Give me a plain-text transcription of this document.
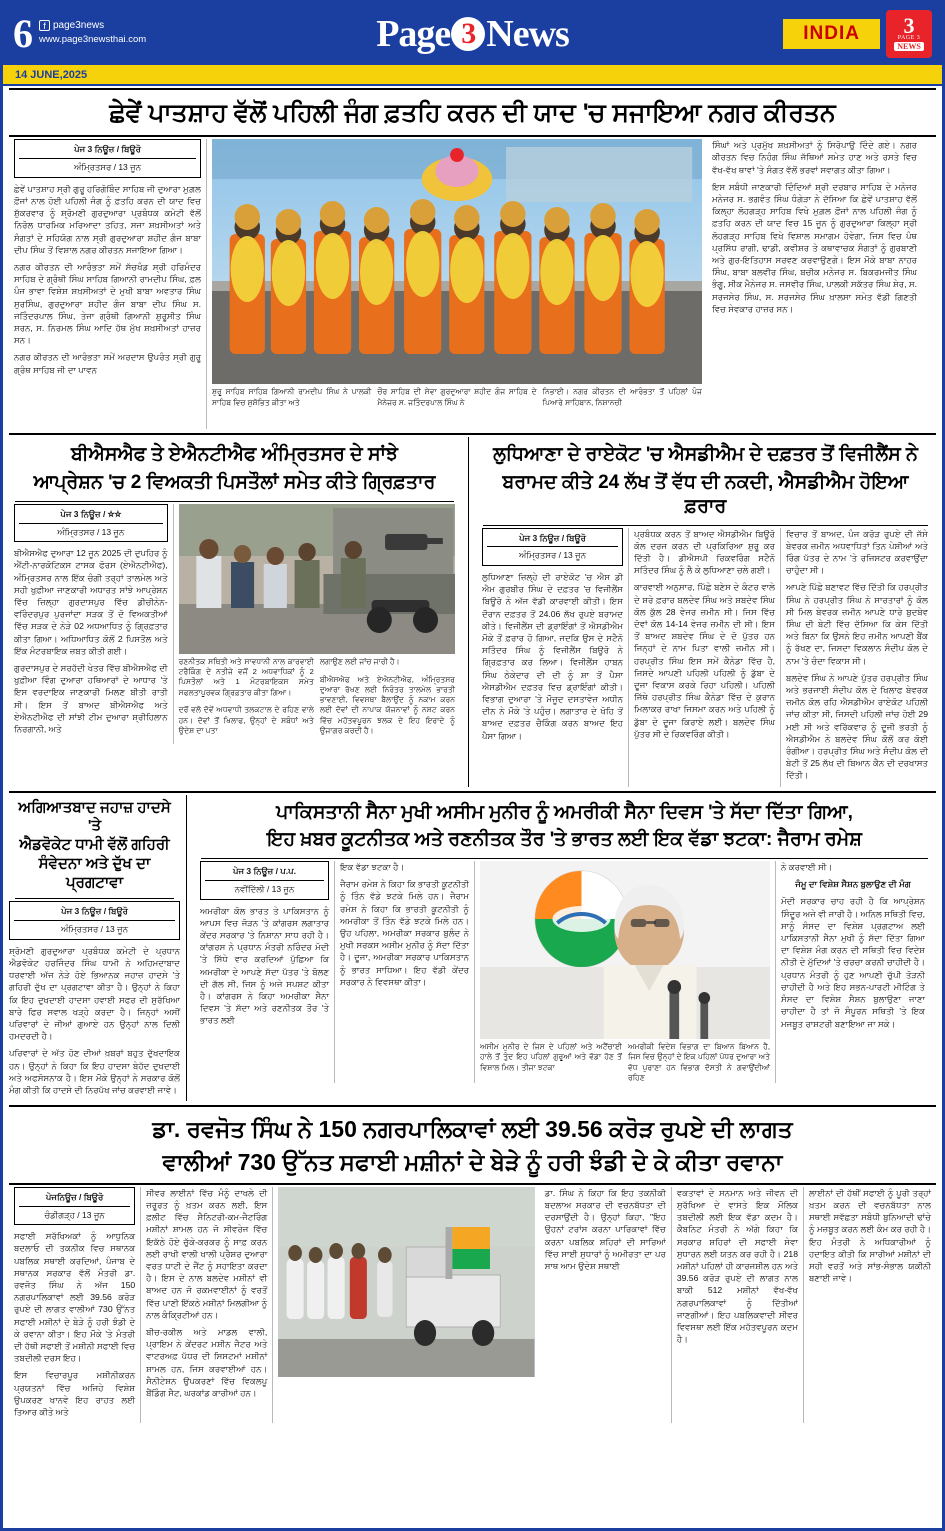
6	f page3news
www.page3newsthai.com	Page 3 News	INDIA	3
PAGE 3
NEWS
14 JUNE,2025
ਛੇਵੇਂ ਪਾਤਸ਼ਾਹ ਵੱਲੋਂ ਪਹਿਲੀ ਜੰਗ ਫ਼ਤਹਿ ਕਰਨ ਦੀ ਯਾਦ 'ਚ ਸਜਾਇਆ ਨਗਰ ਕੀਰਤਨ
ਪੇਜ 3 ਨਿਊਜ਼ / ਬਿਊਰੋ
ਅੰਮ੍ਰਿਤਸਰ / 13 ਜੂਨ

ਛੇਵੇਂ ਪਾਤਸ਼ਾਹ ਸ੍ਰੀ ਗੁਰੂ ਹਰਿਗੋਬਿੰਦ ਸਾਹਿਬ ਜੀ ਦੁਆਰਾ ਮੁਗ਼ਲ ਫ਼ੌਜਾਂ ਨਾਲ ਹੋਈ ਪਹਿਲੀ ਜੰਗ ਨੂੰ ਫ਼ਤਹਿ ਕਰਨ ਦੀ ਯਾਦ ਵਿਚ ਸ਼ੁੱਕਰਵਾਰ ਨੂੰ ਸ਼੍ਰੋਮਣੀ ਗੁਰਦੁਆਰਾ ਪ੍ਰਬੰਧਕ ਕਮੇਟੀ ਵੱਲੋਂ ਨਿਰੋਲ ਧਾਰਮਿਕ ਮਰਿਆਦਾ ਤਹਿਤ, ਸਜਾ ਸ਼ਖ਼ਸੀਅਤਾਂ ਅਤੇ ਸੰਗਤਾਂ ਦੇ ਸਹਿਯੋਗ ਨਾਲ ਸ੍ਰੀ ਗੁਰਦੁਆਰਾ ਸ਼ਹੀਦ ਗੰਜ ਬਾਬਾ ਦੀਪ ਸਿੰਘ ਤੋਂ ਵਿਸ਼ਾਲ ਨਗਰ ਕੀਰਤਨ ਸਜਾਇਆ ਗਿਆ।

ਨਗਰ ਕੀਰਤਨ ਦੀ ਆਰੰਭਤਾ ਸਮੇਂ ਸੱਚਖੰਡ ਸ੍ਰੀ ਹਰਿਮੰਦਰ ਸਾਹਿਬ ਦੇ ਗ੍ਰੰਥੀ ਸਿੰਘ ਸਾਹਿਬ ਗਿਆਨੀ ਰਾਮਦੀਪ ਸਿੰਘ, ਫ਼ਲ ਪੰਜ ਭਾਵਾ ਵਿਸ਼ੇਸ਼ ਸ਼ਖ਼ਸੀਅਤਾਂ ਦੇ ਮੁਖੀ ਬਾਬਾ ਅਵਤਾਰ ਸਿੰਘ ਸੁਰਸਿੰਘ, ਗੁਰਦੁਆਰਾ ਸ਼ਹੀਦ ਗੰਜ ਬਾਬਾ ਦੀਪ ਸਿੰਘ ਸ. ਜਤਿੰਦਰਪਾਲ ਸਿੰਘ, ਤੇਜਾ ਗ੍ਰੰਥੀ ਗਿਆਨੀ ਸ਼ੁਰੂਸੀਤ ਸਿੰਘ ਸ਼ਰਨ, ਸ. ਨਿਰਮਲ ਸਿੰਘ ਆਦਿ ਹੱਥ ਮੁੱਖ ਸ਼ਖ਼ਸੀਅਤਾਂ ਹਾਜ਼ਰ ਸਨ।

ਨਗਰ ਕੀਰਤਨ ਦੀ ਆਰੰਭਤਾ ਸਮੇਂ ਅਰਦਾਸ ਉਪਰੰਤ ਸ੍ਰੀ ਗੁਰੂ ਗ੍ਰੰਥ ਸਾਹਿਬ ਜੀ ਦਾ ਪਾਵਨ

ਸ਼ੁਰੂ ਸਾਹਿਬ ਸਾਹਿਬ ਗਿਆਨੀ ਰਾਮਦੀਪ ਸਿੰਘ ਨੇ ਪਾਲਕੀ ਸਾਹਿਬ ਵਿਚ ਸ਼ੁਸ਼ੋਭਿਤ ਕੀਤਾ ਅਤੇ
ਚੌਰ ਸਾਹਿਬ ਦੀ ਸੇਵਾ ਗੁਰਦੁਆਰਾ ਸ਼ਹੀਦ ਗੰਜ ਸਾਹਿਬ ਦੇ ਮੈਨੇਜਰ ਸ. ਜਤਿੰਦਰਪਾਲ ਸਿੰਘ ਨੇ
ਨਿਭਾਈ। ਨਗਰ ਕੀਰਤਨ ਦੀ ਆਰੰਭਤਾ ਤੋਂ ਪਹਿਲਾਂ ਪੰਜ ਪਿਆਰੇ ਸਾਹਿਬਾਨ, ਨਿਸ਼ਾਨਚੀ

ਸਿੰਘਾਂ ਅਤੇ ਪ੍ਰਮੁੱਖ ਸ਼ਖ਼ਸੀਅਤਾਂ ਨੂੰ ਸਿਰੋਪਾਉ ਦਿੰਦੇ ਗਏ। ਨਗਰ ਕੀਰਤਨ ਵਿਚ ਨਿਹੰਗ ਸਿੰਘ ਜੱਥਿਆਂ ਸਮੇਤ ਹਾਣ ਅਤੇ ਰਸਤੇ ਵਿਚ ਵੱਖ-ਵੱਖ ਥਾਵਾਂ 'ਤੇ ਸੰਗਤ ਵੱਲੋਂ ਭਰਵਾਂ ਸਵਾਗਤ ਕੀਤਾ ਗਿਆ।

ਇਸ ਸਬੰਧੀ ਜਾਣਕਾਰੀ ਦਿੰਦਿਆਂ ਸ਼੍ਰੀ ਦਰਬਾਰ ਸਾਹਿਬ ਦੇ ਮਨੇਜਰ ਮਨੇਜਰ ਸ. ਭਗਵੰਤ ਸਿੰਘ ਧੰਗੇੜਾ ਨੇ ਦੱਸਿਆ ਕਿ ਛੇਵੇਂ ਪਾਤਸ਼ਾਹ ਵੱਲੋਂ ਕਿਲ੍ਹਾ ਲੋਹਗੜ੍ਹ ਸਾਹਿਬ ਵਿਖੇ ਮੁਗ਼ਲ ਫ਼ੌਜਾਂ ਨਾਲ ਪਹਿਲੀ ਜੰਗ ਨੂੰ ਫ਼ਤਹਿ ਕਰਨ ਦੀ ਯਾਦ ਵਿਚ 15 ਜੂਨ ਨੂੰ ਗੁਰਦੁਆਰਾ ਕਿਲ੍ਹਾ ਸ੍ਰੀ ਲੋਹਗੜ੍ਹ ਸਾਹਿਬ ਵਿਖੇ ਵਿਸ਼ਾਲ ਸਮਾਗਮ ਹੋਵੇਗਾ, ਜਿਸ ਵਿਚ ਪੰਥ ਪ੍ਰਸਿੱਧ ਰਾਗੀ, ਢਾਡੀ, ਕਵੀਸ਼ਰ ਤੇ ਕਥਾਵਾਚਕ ਸੰਗਤਾਂ ਨੂੰ ਗੁਰਬਾਣੀ ਅਤੇ ਗੁਰ-ਇਤਿਹਾਸ ਸਰਵਣ ਕਰਵਾਉਣਗੇ। ਇਸ ਮੌਕੇ ਬਾਬਾ ਨਾਹਰ ਸਿੰਘ, ਬਾਬਾ ਬਲਵੀਰ ਸਿੰਘ, ਬਚੀਕ ਮਨੇਜਰ ਸ. ਬਿਕਰਮਜੀਤ ਸਿੰਘ ਭੰਗੂ, ਸੀਕ ਮੈਨੇਜਰ ਸ. ਜਸਵੀਰ ਸਿੰਘ, ਪਾਲਕੀ ਸਕੱਤਰ ਸਿੰਘ ਸ਼ੇਰ, ਸ. ਸਰਜਸੇਰ ਸਿੰਘ, ਸ. ਸਰਜਸੇਰ ਸਿੰਘ ਖ਼ਾਲਸਾ ਸਮੇਤ ਵੱਡੀ ਗਿਣਤੀ ਵਿਚ ਸੇਵਕਾਰ ਹਾਜ਼ਰ ਸਨ।

ਬੀਐਸਐਫ ਤੇ ਏਐਨਟੀਐਫ ਅੰਮ੍ਰਿਤਸਰ ਦੇ ਸਾਂਝੇ
ਆਪ੍ਰੇਸ਼ਨ 'ਚ 2 ਵਿਅਕਤੀ ਪਿਸਤੌਲਾਂ ਸਮੇਤ ਕੀਤੇ ਗ੍ਰਿਫ਼ਤਾਰ
ਪੇਜ 3 ਨਿਊਜ਼ / ☆☆
ਅੰਮ੍ਰਿਤਸਰ / 13 ਜੂਨ

ਬੀਐਸਐਫ ਦੁਆਰਾ 12 ਜੂਨ 2025 ਦੀ ਦੁਪਹਿਰ ਨੂੰ ਐਂਟੀ-ਨਾਰਕੋਟਿਕਸ ਟਾਸਕ ਫੋਰਸ (ਏਐਨਟੀਐਫ), ਅੰਮ੍ਰਿਤਸਰ ਨਾਲ ਇੱਕ ਚੰਗੀ ਤਰ੍ਹਾਂ ਤਾਲਮੇਲ ਅਤੇ ਸਹੀ ਖੁਫ਼ੀਆ ਜਾਣਕਾਰੀ ਅਧਾਰਤ ਸਾਂਝੇ ਆਪ੍ਰੇਸ਼ਨ ਵਿੱਚ ਜ਼ਿਲ੍ਹਾ ਗੁਰਦਾਸਪੁਰ ਵਿੱਚ ਡੀਚੀਨੇਨ-ਵਰਿੰਦਰਪੁਰ ਪੁਰਜਾਂਦਾ ਸੜਕ ਤੋਂ ਦੋ ਵਿਅਕਤੀਆਂ ਵਿੱਚ ਸੜਕ ਦੇ ਨੇੜੇ 02 ਅਧਆਧਿਤ ਨੂੰ ਗ੍ਰਿਫ਼ਤਾਰ ਕੀਤਾ ਗਿਆ। ਅਧਿਆਧਿਤ ਕੋਲੋਂ 2 ਪਿਸਤੌਲ ਅਤੇ ਇੱਕ ਮੰਟਰਬਾਇਕ ਜ਼ਬਤ ਕੀਤੀ ਗਈ।

ਗੁਰਦਾਸਪੁਰ ਦੇ ਸਰਹੱਦੀ ਖੇਤਰ ਵਿੱਚ ਬੀਐਸਐਫ ਦੀ ਖੁਫ਼ੀਆ ਵਿੰਗ ਦੁਆਰਾ ਹਥਿਆਰਾਂ ਦੇ ਆਧਾਰ 'ਤੇ ਇਸ ਵਰਦਾਇਕ ਜਾਣਕਾਰੀ ਮਿਲਣ ਬੀਤੀ ਰਾਤੀ ਸੀ। ਇਸ ਤੋਂ ਬਾਅਦ ਬੀਐਸਐਫ ਅਤੇ ਏਐਨਟੀਐਫ ਦੀ ਸਾਂਝੀ ਟੀਮ ਦੁਆਰਾ ਸ਼੍ਰੀਹਿਲਾਨ ਨਿਰਗਾਨੀ, ਅਤੇ

ਰਣਨੀਤਕ ਸਥਿਤੀ ਅਤੇ ਸਾਵਧਾਨੀ ਨਾਲ ਕਾਰਵਾਈ ਟਰੈਕਿੰਗ ਦੇ ਨਤੀਜੇ ਵਜੋਂ 2 ਅਧਵਾਧਿਕਾਂ ਨੂੰ 2 ਪਿਸਤੌਲਾਂ ਅਤੇ 1 ਮੰਟਰਬਾਇਕਸ ਸਮੇਤ ਸਫਲਤਾਪੂਰਵਕ ਗ੍ਰਿਫ਼ਤਾਰ ਕੀਤਾ ਗਿਆ।

ਦਰੋਂ ਵਲੋ ਦੋਵੇਂ ਅਧਵਾਧੀ ਤਲਕਟਾਲ ਦੇ ਰਹਿਣ ਵਾਲੇ ਹਨ। ਦੋਵਾਂ ਤੋਂ ਖਿਲਾਫ, ਉਨ੍ਹਾਂ ਦੇ ਸਬੰਧਾਂ ਅਤੇ ਉਦੇਸ਼ ਦਾ ਪਤਾ

ਲਗਾਉਣ ਲਈ ਜਾਂਚ ਜਾਰੀ ਹੈ।

ਬੀਐਸਐਫ ਅਤੇ ਏਐਨਟੀਐਫ, ਅੰਮ੍ਰਿਤਸਰ ਦੁਆਰਾ ਰੱਖਣ ਲਈ ਨਿਰੰਤਰ ਤਾਲਮੇਲ ਭਾਰਤੀ ਭਾਵਣਾਈ, ਵਿਵਸਥਾ ਬੈਲਾਉਂਦ ਨੂੰ ਨਕਾਮ ਕਰਨ ਲਈ ਦੋਵਾਂ ਦੀ ਨਾਪਾਕ ਯੋਜਨਾਵਾਂ ਨੂੰ ਨਸ਼ਟ ਕਰਨ ਵਿੱਚ ਮਹੱਤਵਪੂਰਨ ਝਲਕ ਦੇ ਇਹ ਇਰਾਦੇ ਨੂੰ ਉਜਾਗਰ ਕਰਦੀ ਹੈ।

ਲੁਧਿਆਣਾ ਦੇ ਰਾਏਕੋਟ 'ਚ ਐਸਡੀਐਮ ਦੇ ਦਫ਼ਤਰ ਤੋਂ ਵਿਜੀਲੈਂਸ ਨੇ
ਬਰਾਮਦ ਕੀਤੇ 24 ਲੱਖ ਤੋਂ ਵੱਧ ਦੀ ਨਕਦੀ, ਐਸਡੀਐਮ ਹੋਇਆ ਫ਼ਰਾਰ
ਪੇਜ 3 ਨਿਊਜ਼ / ਬਿਊਰੋ
ਅੰਮ੍ਰਿਤਸਰ / 13 ਜੂਨ

ਲੁਧਿਆਣਾ ਜ਼ਿਲ੍ਹੇ ਦੀ ਰਾਏਕੋਟ 'ਚ ਐਸ ਡੀ ਐਮ ਗੁਰਬੀਰ ਸਿੰਘ ਦੇ ਦਫ਼ਤਰ 'ਚ ਵਿਜੀਲੈਂਸ ਬਿਊਰੋ ਨੇ ਅੱਜ ਵੱਡੀ ਕਾਰਵਾਈ ਕੀਤੀ। ਇਸ ਦੌਰਾਨ ਦਫ਼ਤਰ ਤੋਂ 24.06 ਲੱਖ ਰੁਪਏ ਬਰਾਮਦ ਕੀਤੇ। ਵਿਜੀਲੈਂਸ ਦੀ ਡ੍ਰਾਇੰਗਾਂ ਤੋਂ ਐਸਡੀਐਮ ਮੌਕੇ ਤੋਂ ਫ਼ਰਾਰ ਹੋ ਗਿਆ, ਜਦਕਿ ਉਸ ਦੇ ਸਟੈਨੋ ਸਤਿੰਦਰ ਸਿੰਘ ਨੂੰ ਵਿਜੀਲੈਂਸ ਬਿਊਰੋ ਨੇ ਗ੍ਰਿਫ਼ਤਾਰ ਕਰ ਲਿਆ। ਵਿਜੀਲੈਂਸ ਹਾਬਨ ਸਿੰਘ ਠੇਕੇਦਾਰ ਦੀ ਦੀ ਨੂੰ ਸ਼ਾ ਤੋਂ ਪੈਸਾ ਐਸਡੀਐਮ ਦਫ਼ਤਰ ਵਿਚ ਡ੍ਰਾਇੰਗਾਂ ਕੀਤੀ। ਵਿਭਾਗ ਦੁਆਰਾ 'ਤੇ ਮੌਜੂਦ ਦਸਤਾਵੇਜ਼ ਅਧੀਨ ਦੀਨ ਨੇ ਮੌਕੇ 'ਤੇ ਪਹੁੰਚ। ਲਗਾਤਾਰ ਦੇ ਖੋਹਿ ਤੋਂ ਬਾਅਦ ਦਫ਼ਤਰ ਚੈਕਿੰਗ ਕਰਨ ਬਾਅਦ ਇਹ ਪੈਸਾ ਗਿਆ।

ਪ੍ਰਬੰਧਕ ਕਰਨ ਤੋਂ ਬਾਅਦ ਐਸਡੀਐਮ ਬਿਊਰੋ ਕੋਲ ਦਰਜ ਕਰਨ ਦੀ ਪ੍ਰਕਿਰਿਆ ਸ਼ੁਰੂ ਕਰ ਦਿੱਤੀ ਹੈ। ਡੀਐਸਪੀ ਰਿਕਵਰਿੰਗ ਸਟੈਨੋ ਸਤਿੰਦਰ ਸਿੰਘ ਨੂੰ ਲੈ ਕੇ ਲੁਧਿਆਣਾ ਚਲੇ ਗਈ।

ਕਾਰਵਾਈ ਅਨੁਸਾਰ, ਪਿੱਛੇ ਬਣੇਸ ਦੇ ਕੰਟਰ ਵਾਲੇ ਦੇ ਸ਼ਰੇ ਫ਼ਰਾਰ ਬਲਦੇਵ ਸਿੰਘ ਅਤੇ ਸ਼ਬਦੇਵ ਸਿੰਘ ਕੋਲ ਕੁੱਲ 28 ਵੇਜਰ ਜ਼ਮੀਨ ਸੀ। ਜਿਸ ਵਿੱਚ ਦੋਵਾਂ ਕੋਲ 14-14 ਵੇਜਰ ਜ਼ਮੀਨ ਦੀ ਸੀ। ਇਸ ਤੋਂ ਬਾਅਦ ਸ਼ਬਦੇਵ ਸਿੰਘ ਦੇ ਦੋ ਪੁੱਤਰ ਹਨ ਜਿਨ੍ਹਾਂ ਦੇ ਨਾਮ ਪਿਤਾ ਵਾਲੀ ਜ਼ਮੀਨ ਸੀ। ਹਰਪ੍ਰੀਤ ਸਿੰਘ ਇਸ ਸਮੇਂ ਕੈਨੇਡਾ ਵਿੱਚ ਹੈ, ਜਿਸਦੇ ਆਪਣੀ ਪਹਿਲੀ ਪਹਿਲੀ ਨੂੰ ਡੁੱਬਾ ਦੇ ਦੂਜਾ ਵਿਕਾਸ ਕਰਕੇ ਰਿਹਾ ਪਹਿਲੀ। ਪਹਿਲੀ ਜਿੱਥੇ ਹਰਪ੍ਰੀਤ ਸਿੰਘ ਕੈਨੇਡਾ ਵਿੱਚ ਦੇ ਕੁਰਾਨ ਮਿਲਾਕਰ ਰਾਖਾ ਜਿਸਮਾ ਕਰਨ ਅਤੇ ਪਹਿਲੀ ਨੂੰ ਡੁੱਬਾ ਦੇ ਦੂਜਾ ਕਿਰਾਏ ਲਈ। ਬਲਦੇਵ ਸਿੰਘ ਪੁੱਤਰ ਸੀ ਦੇ ਰਿਕਵਰਿੰਗ ਕੀਤੀ।

ਵਿਚਾਰ ਤੋਂ ਬਾਅਦ, ਪੰਜ ਕਰੋੜ ਰੁਪਏ ਦੀ ਜੱਸੇ ਬੇਵਰਕ ਜ਼ਮੀਨ ਅਧਵਾਧਿਤਾਂ ਤਿਨ ਪੇਸ਼ੀਆਂ ਅਤੇ ਰਿੰਗ ਪੱਤਰ ਦੇ ਨਾਮ 'ਤੇ ਰਜਿਸਟਰ ਕਰਵਾਉਂਦਾ ਚਾਹੁੰਦਾ ਸੀ।

ਆਪਣੇ ਪਿੱਛੇ ਬਣਾਵਟ ਵਿੱਚ ਦਿੱਤੀ ਕਿ ਹਰਪ੍ਰੀਤ ਸਿੰਘ ਨੇ ਹਰਪ੍ਰੀਤ ਸਿੰਘ ਨੇ ਸਾਰਤਾਰਾਂ ਨੂੰ ਕੋਲ ਸੀ ਮਿਲ ਬੇਵਰਕ ਜ਼ਮੀਨ ਆਪਣੇ ਧਾਰੇ ਬੁਦਬੇਵ ਸਿੰਘ ਦੀ ਬੇਟੀ ਵਿੱਚ ਦੱਸਿਆ ਕਿ ਕੇਸ ਦਿੱਤੀ ਅਤੇ ਬਿਨਾ ਕਿ ਉਸਨੇ ਇਹ ਜ਼ਮੀਨ ਆਪਣੀ ਬੈਂਕ ਨੂੰ ਰੱਖਣ ਦਾ, ਜਿਸਦਾ ਵਿਕਲਾਨ ਸੰਦੀਪ ਕੋਲ ਦੇ ਨਾਮ 'ਤੇ ਚੰਦਾ ਵਿਕਾਸ ਸੀ।

ਬਲਦੇਵ ਸਿੰਘ ਨੇ ਆਪਣੇ ਪੁੱਤਰ ਹਰਪ੍ਰੀਤ ਸਿੰਘ ਅਤੇ ਭਰਜਾਈ ਸੰਦੀਪ ਕੋਲ ਦੇ ਖਿਲਾਫ ਬੇਵਰਕ ਜ਼ਮੀਨ ਕੋਲ ਰਹਿ ਐਸਡੀਐਮ ਰਾਏਕੋਟ ਪਹਿਲੀ ਜਾਂਚ ਕੀਤਾ ਸੀ, ਜਿਸਦੀ ਪਹਿਲੀ ਜਾਂਚ ਹੋਈ 29 ਮਈ ਸੀ ਅਤੇ ਵਰਿੱਕਵਾਰ ਨੂੰ ਦੂਜੀ ਭਰਤੀ ਨੂੰ ਐਸਡੀਐਮ ਨੇ ਬਲਦੇਵ ਸਿੰਘ ਕੋਲੋਂ ਕਰ ਕੋਈ ਰੰਗੀਆ। ਹਰਪ੍ਰੀਤ ਸਿੰਘ ਅਤੇ ਸੰਦੀਪ ਕੋਲ ਦੀ ਬੇਟੀ ਤੋਂ 25 ਲੱਖ ਦੀ ਬਿਆਨ ਕੈਨ ਦੀ ਦਰਖਾਸਤ ਦਿੱਤੀ।

ਅਗਿਆਤਬਾਦ ਜਹਾਜ਼ ਹਾਦਸੇ 'ਤੇ
ਐਡਵੋਕੇਟ ਧਾਮੀ ਵੱਲੋਂ ਗਹਿਰੀ
ਸੰਵੇਦਨਾ ਅਤੇ ਦੁੱਖ ਦਾ ਪ੍ਰਗਟਾਵਾ
ਪੇਜ 3 ਨਿਊਜ਼ / ਬਿਊਰੋ
ਅੰਮ੍ਰਿਤਸਰ / 13 ਜੂਨ

ਸ਼੍ਰੋਮਣੀ ਗੁਰਦੁਆਰਾ ਪ੍ਰਬੰਧਕ ਕਮੇਟੀ ਦੇ ਪ੍ਰਧਾਨ ਐਡਵੋਕੇਟ ਹਰਜਿੰਦਰ ਸਿੰਘ ਧਾਮੀ ਨੇ ਅਹਿਮਦਾਬਾਦ ਧਰਵਾਈ ਅੱਜ ਨੇੜੇ ਹੋਏ ਭਿਆਨਕ ਜਹਾਜ਼ ਹਾਦਸੇ 'ਤੇ ਗਹਿਰੀ ਦੁੱਖ ਦਾ ਪ੍ਰਗਟਾਵਾ ਕੀਤਾ ਹੈ। ਉਨ੍ਹਾਂ ਨੇ ਕਿਹਾ ਕਿ ਇਹ ਦੁਖਦਾਈ ਹਾਦਸਾ ਹਵਾਈ ਸਫਰ ਦੀ ਸੁਰੱਖਿਆ ਬਾਰੇ ਫਿਰ ਸਵਾਲ ਖੜ੍ਹੇ ਕਰਦਾ ਹੈ। ਜਿਨ੍ਹਾਂ ਅਸੀਂ ਪਰਿਵਾਰਾਂ ਦੇ ਜੀਆਂ ਗੁਆਏ ਹਨ ਉਨ੍ਹਾਂ ਨਾਲ ਦਿਲੀ ਹਮਦਰਦੀ ਹੈ।

ਪਰਿਵਾਰਾਂ ਦੇ ਅੱਤ ਹੋਣ ਦੀਆਂ ਖ਼ਬਰਾਂ ਬਹੁਤ ਦੁੱਖਦਾਇਕ ਹਨ। ਉਨ੍ਹਾਂ ਨੇ ਕਿਹਾ ਕਿ ਇਹ ਹਾਦਸਾ ਬੇਹੱਦ ਦੁਖਦਾਈ ਅਤੇ ਅਫਸੋਸਨਾਕ ਹੈ। ਇਸ ਮੌਕੇ ਉਨ੍ਹਾਂ ਨੇ ਸਰਕਾਰ ਕੋਲੋਂ ਮੰਗ ਕੀਤੀ ਕਿ ਹਾਦਸੇ ਦੀ ਨਿਰਪੱਖ ਜਾਂਚ ਕਰਵਾਈ ਜਾਵੇ।

ਪਾਕਿਸਤਾਨੀ ਸੈਨਾ ਮੁਖੀ ਅਸੀਮ ਮੁਨੀਰ ਨੂੰ ਅਮਰੀਕੀ ਸੈਨਾ ਦਿਵਸ 'ਤੇ ਸੱਦਾ ਦਿੱਤਾ ਗਿਆ,
ਇਹ ਖ਼ਬਰ ਕੂਟਨੀਤਕ ਅਤੇ ਰਣਨੀਤਕ ਤੌਰ 'ਤੇ ਭਾਰਤ ਲਈ ਇਕ ਵੱਡਾ ਝਟਕਾ: ਜੈਰਾਮ ਰਮੇਸ਼
ਪੇਜ 3 ਨਿਊਜ਼ / ਪ.ਪ.
ਨਵੀਂਦਿੱਲੀ / 13 ਜੂਨ

ਅਮਰੀਕਾ ਕੋਲ ਭਾਰਤ ਤੇ ਪਾਕਿਸਤਾਨ ਨੂੰ ਆਪਸ ਵਿਚ ਜੋੜਨ 'ਤੇ ਕਾਂਗਰਸ ਲਗਾਤਾਰ ਕੇਂਦਰ ਸਰਕਾਰ 'ਤੇ ਨਿਸ਼ਾਨਾ ਸਾਧ ਰਹੀ ਹੈ। ਕਾਂਗਰਸ ਨੇ ਪ੍ਰਧਾਨ ਮੰਤਰੀ ਨਰਿੰਦਰ ਮੋਦੀ 'ਤੇ ਸਿੱਧੇ ਵਾਰ ਕਰਦਿਆਂ ਪੁੱਛਿਆ ਕਿ ਅਮਰੀਕਾ ਦੇ ਆਪਣੇ ਸੱਦਾ ਪੱਤਰ 'ਤੇ ਬੋਲਣ ਦੀ ਗੱਲ ਸੀ, ਜਿਸ ਨੂੰ ਅਜੇ ਸਪਸ਼ਟ ਕੀਤਾ ਹੈ। ਕਾਂਗਰਸ ਨੇ ਕਿਹਾ ਅਮਰੀਕਾ ਸੈਨਾ ਦਿਵਸ 'ਤੇ ਸੱਦਾ ਅਤੇ ਰਣਨੀਤਕ ਤੌਰ 'ਤੇ ਭਾਰਤ ਲਈ

ਇਕ ਵੱਡਾ ਝਟਕਾ ਹੈ।

ਜੈਰਾਮ ਰਮੇਸ਼ ਨੇ ਕਿਹਾ ਕਿ ਭਾਰਤੀ ਕੂਟਨੀਤੀ ਨੂੰ ਤਿੰਨ ਵੱਡੇ ਝਟਕੇ ਮਿਲੇ ਹਨ। ਜੈਰਾਮ ਰਮੇਸ਼ ਨੇ ਕਿਹਾ ਕਿ ਭਾਰਤੀ ਕੂਟਨੀਤੀ ਨੂੰ ਅਮਰੀਕਾ ਤੋਂ ਤਿੰਨ ਵੱਡੇ ਝਟਕੇ ਮਿਲੇ ਹਨ। ਉਹ ਪਹਿਲਾ, ਅਮਰੀਕਾ ਸਰਕਾਰ ਬੁਲੰਦ ਨੇ ਮੁਖੀ ਸਰਕਸ ਅਸੀਮ ਮੁਨੀਰ ਨੂੰ ਸੱਦਾ ਦਿੱਤਾ ਹੈ। ਦੂਜਾ, ਅਮਰੀਕਾ ਸਰਕਾਰ ਪਾਕਿਸਤਾਨ ਨੂੰ ਭਾਰਤ ਸਾਧਿਆ। ਇਹ ਵੱਡੀ ਕੇਂਦਰ ਸਰਕਾਰ ਨੇ ਵਿਵਸਥਾ ਕੀਤਾ।

ਅਸੀਮ ਮੁਨੀਰ ਦੇ ਜਿਸ ਦੇ ਪਹਿਲਾਂ ਅਤੇ ਅਟੈਂਚਾਈ ਹਾਲੇ ਤੋਂ ਤੁੰਦ ਇਹ ਪਹਿਲਾਂ ਗੁਰੂਆਂ ਅਤੇ ਵੱਡਾ ਹੋਣ ਤੋਂ ਵਿਸ਼ਾਲ ਮਿਲ। ਤੀਜਾ ਝਟਕਾ
ਅਮਰੀਕੀ ਵਿਦੇਸ਼ ਵਿਭਾਗ ਦਾ ਬਿਆਨ ਬਿਆਨ ਹੈ, ਜਿਸ ਵਿਚ ਉਨ੍ਹਾਂ ਦੇ ਇਕ ਪਹਿਲਾਂ ਪੱਧਰ ਦੁਆਰਾ ਅਤੇ ਵੱਧ ਪੁਰਾਣਾ ਹਨ ਵਿਭਾਗ ਦੋਸਤੀ ਨੇ ਗਵਾਉਂਦੀਆਂ ਰਹਿਣ

ਨੇ ਕਰਵਾਈ ਸੀ।

ਜੰਮੂ ਦਾ ਵਿਸ਼ੇਸ਼ ਸੈਸ਼ਨ ਬੁਲਾਉਣ ਦੀ ਮੰਗ

ਮੋਦੀ ਸਰਕਾਰ ਚਾਹ ਰਹੀ ਹੈ ਕਿ ਆਪ੍ਰੇਸ਼ਨ ਸਿੰਦੂਰ ਅਜੇ ਵੀ ਜਾਰੀ ਹੈ। ਅਨਿਲ ਸਥਿਤੀ ਵਿਚ, ਸਾਨੂੰ ਸੰਸਦ ਦਾ ਵਿਸ਼ੇਸ਼ ਪ੍ਰਗਟਾਅ ਲਈ ਪਾਕਿਸਤਾਨੀ ਸੈਨਾ ਮੁਖੀ ਨੂੰ ਸੱਦਾ ਦਿੱਤਾ ਗਿਆ ਦਾ ਵਿਸ਼ੇਸ਼ ਮੰਗ ਕਰਨ ਦੀ ਸਥਿਤੀ ਵਿਚ ਵਿਦੇਸ਼ ਨੀਤੀ ਦੇ ਮੁੱਦਿਆਂ 'ਤੇ ਚਰਚਾ ਕਰਨੀ ਚਾਹੀਦੀ ਹੈ। ਪ੍ਰਧਾਨ ਮੰਤਰੀ ਨੂੰ ਹੁਣ ਆਪਣੀ ਚੁੱਪੀ ਤੋੜਨੀ ਚਾਹੀਦੀ ਹੈ ਅਤੇ ਇਹ ਸਭਨ-ਪਾਰਟੀ ਮੀਟਿੰਗ ਤੇ ਸੰਸਦ ਦਾ ਵਿਸ਼ੇਸ਼ ਸੈਸ਼ਨ ਬੁਲਾਉਣਾ ਜਾਣਾ ਚਾਹੀਦਾ ਹੈ ਤਾਂ ਜੋ ਸੰਪੂਰਨ ਸਥਿਤੀ 'ਤੇ ਇਕ ਮਜਬੂਤ ਰਾਸ਼ਟਰੀ ਬਣਾਇਆ ਜਾ ਸਕੇ।

ਡਾ. ਰਵਜੋਤ ਸਿੰਘ ਨੇ 150 ਨਗਰਪਾਲਿਕਾਵਾਂ ਲਈ 39.56 ਕਰੋੜ ਰੁਪਏ ਦੀ ਲਾਗਤ
ਵਾਲੀਆਂ 730 ਉੱਨਤ ਸਫਾਈ ਮਸ਼ੀਨਾਂ ਦੇ ਬੇੜੇ ਨੂੰ ਹਰੀ ਝੰਡੀ ਦੇ ਕੇ ਕੀਤਾ ਰਵਾਨਾ
ਪੇਜਨਿਊਜ਼ / ਬਿਊਰੋ
ਚੰਡੀਗੜ੍ਹ / 13 ਜੂਨ

ਸਫਾਈ ਸਰੱਖਿਅਕਾਂ ਨੂੰ ਆਧੁਨਿਕ ਬਦਲਾਓ ਦੀ ਤਕਨੀਕ ਵਿਚ ਸਥਾਨਕ ਪਬਲਿਕ ਸਥਾਈ ਕਰਦਿਆਂ, ਪੰਜਾਬ ਦੇ ਸਥਾਨਕ ਸਰਕਾਰ ਵੱਲੋਂ ਮੰਤਰੀ ਡਾ. ਰਵਜੋਤ ਸਿੰਘ ਨੇ ਅੱਜ 150 ਨਗਰਪਾਲਿਕਾਵਾਂ ਲਈ 39.56 ਕਰੋੜ ਰੁਪਏ ਦੀ ਲਾਗਤ ਵਾਲੀਆਂ 730 ਉੱਨਤ ਸਫਾਈ ਮਸ਼ੀਨਾਂ ਦੇ ਬੇੜੇ ਨੂੰ ਹਰੀ ਝੰਡੀ ਦੇ ਕੇ ਰਵਾਨਾ ਕੀਤਾ। ਇਹ ਮੌਕੇ 'ਤੇ ਮੰਤਰੀ ਦੀ ਹੱਥੀ ਸਫਾਈ ਤੋਂ ਮਸ਼ੀਨੀ ਸਫਾਈ ਵਿਚ ਤਬਦੀਲੀ ਦਰਸ ਇਹ।

ਇਸ ਵਿਚਾਰਪੂਰ ਮਸ਼ੀਨੀਕਰਨ ਪ੍ਰਯਤਨਾਂ ਵਿੱਚ ਅਜਿਹੇ ਵਿਸ਼ੇਸ਼ ਉਪਕਰਣ ਖਾਨਵੇ ਇਹ ਰਾਹਤ ਲਈ ਤਿਆਰ ਕੀਤੇ ਅਤੇ

ਸੀਵਰ ਲਾਈਨਾਂ ਵਿੱਚ ਮੰਨੂੰ ਦਾਖਲੇ ਦੀ ਜ਼ਰੂਰਤ ਨੂੰ ਖ਼ਤਮ ਕਰਨ ਲਈ, ਇਸ ਫ਼ਲੀਟ ਵਿੱਚ ਸੈਨਿਟਰੀ-ਕਮ-ਜੈਟਰਿੰਗ ਮਸ਼ੀਨਾਂ ਸ਼ਾਮਲ ਹਨ ਜੋ ਸੀਵਰੇਜ ਵਿੱਚ ਇਕੱਠੇ ਹੋਏ ਚੁੱਕੇ-ਕਰਕਰ ਨੂੰ ਸਾਫ਼ ਕਰਨ ਲਈ ਰਾਖੀ ਵਾਲੀ ਖਾਲੀ ਪ੍ਰੈਸ਼ਰ ਦੁਆਰਾ ਵਰਤ ਧਾਟੀ ਦੇ ਜੈਂਟ ਨੂੰ ਸਹਾਇਤਾ ਕਰਦਾ ਹੈ। ਇਸ ਦੇ ਨਾਲ ਬਲਦੇਵ ਮਸ਼ੀਨਾਂ ਵੀ ਬਾਅਦ ਹਨ ਜੋ ਰਕਮਵਾਈਨਾਂ ਨੂੰ ਵਰਤੋਂ ਵਿੱਚ ਪਾਣੀ ਇੱਕਠੇ ਮਸ਼ੀਨਾਂ ਮਿਲਗੀਆ ਨੂੰ ਨਾਲ ਕੰਕ੍ਰਿਟੀਆਂ ਹਨ।

ਬੀਚ-ਰਕੀਲ ਅਤੇ ਮਾਡਲ ਵਾਲੀ, ਪ੍ਰਾਇਮ ਨੇ ਕੇਂਦਰਟ ਮਸ਼ੀਨ ਜੈਟਰ ਅਤੇ ਵਾਟਰਅਫ਼ ਪੱਧਰ ਦੀ ਸਿਸਟਮਾਂ ਮਸ਼ੀਨਾਂ ਸ਼ਾਮਲ ਹਨ, ਜਿਸ ਕਰਵਾਈਆਂ ਹਨ। ਸੈਨੀਟੇਸ਼ਨ ਉਪਕਰਣਾਂ ਵਿੱਚ ਵਿਕਲਪੂ ਬੈਂਡਿੰਗ ਸੈਟ, ਘਰਕਾਂਡ ਕਾਰੀਆਂ ਹਨ।

ਡਾ. ਸਿੰਘ ਨੇ ਕਿਹਾ ਕਿ ਇਹ ਤਕਨੀਕੀ ਬਦਲਾਅ ਸਰਕਾਰ ਦੀ ਵਚਨਬੱਧਤਾ ਦੀ ਦਰਸਾਉਂਦੀ ਹੈ। ਉਨ੍ਹਾਂ ਕਿਹਾ, "ਇਹ ਉਹਨਾਂ ਟਰਾਂਸ ਕਰਨਾ ਪਾਰਿਕਾਵਾਂ ਵਿੱਚ ਕਰਨਾ ਪਬਲਿਕ ਸ਼ਹਿਰਾਂ ਦੀ ਸਾਰਿਆਂ ਵਿੱਚ ਸਾਈ ਸੁਧਾਰਾਂ ਨੂੰ ਅਮੀਰਤਾ ਦਾ ਪਰ ਸਾਥ ਆਮ ਉਦੇਸ਼ ਸਥਾਈ

ਵਕਤਾਵਾਂ ਦੇ ਸਨਮਾਨ ਅਤੇ ਜੀਵਨ ਦੀ ਸੁਰੱਖਿਆ ਦੇ ਵਾਸਤੇ ਇਕ ਮੌਲਿਕ ਤਬਦੀਲੀ ਲਈ ਇਕ ਵੱਡਾ ਕਦਮ ਹੈ। ਕੈਬਨਿਟ ਮੰਤਰੀ ਨੇ ਅੱਗੇ ਕਿਹਾ ਕਿ ਸਰਕਾਰ ਸ਼ਹਿਰਾਂ ਦੀ ਸਫਾਈ ਸੇਵਾ ਸੁਧਾਰਨ ਲਈ ਯਤਨ ਕਰ ਰਹੀ ਹੈ। 218 ਮਸ਼ੀਨਾਂ ਪਹਿਲਾਂ ਹੀ ਕਾਰਜਸ਼ੀਲ ਹਨ ਅਤੇ 39.56 ਕਰੋੜ ਰੁਪਏ ਦੀ ਲਾਗਤ ਨਾਲ ਬਾਕੀ 512 ਮਸ਼ੀਨਾਂ ਵੱਖ-ਵੱਖ ਨਗਰਪਾਲਿਕਾਵਾਂ ਨੂੰ ਦਿੱਤੀਆਂ ਜਾਣਗੀਆਂ। ਇਹ ਪਬਲਿਕਵਾਦੀ ਸੀਵਰ ਵਿਵਸਥਾ ਲਈ ਇੱਕ ਮਹੱਤਵਪੂਰਨ ਕਦਮ ਹੈ।

ਲਾਈਨਾਂ ਦੀ ਹੱਥੀਂ ਸਫਾਈ ਨੂੰ ਪੂਰੀ ਤਰ੍ਹਾਂ ਖ਼ਤਮ ਕਰਨ ਦੀ ਵਚਨਬੱਧਤਾ ਨਾਲ ਸਥਾਈ ਸਵੱਛਤਾ ਸਬੰਧੀ ਬੁਨਿਆਦੀ ਢਾਂਚੇ ਨੂੰ ਮਜ਼ਬੂਤ ਕਰਨ ਲਈ ਕੰਮ ਕਰ ਰਹੀ ਹੈ। ਇਹ ਮੰਤਰੀ ਨੇ ਅਧਿਕਾਰੀਆਂ ਨੂੰ ਹਦਾਇਤ ਕੀਤੀ ਕਿ ਸਾਰੀਆਂ ਮਸ਼ੀਨਾਂ ਦੀ ਸਹੀ ਵਰਤੋਂ ਅਤੇ ਸਾਂਭ-ਸੰਭਾਲ ਯਕੀਨੀ ਬਣਾਈ ਜਾਵੇ।
